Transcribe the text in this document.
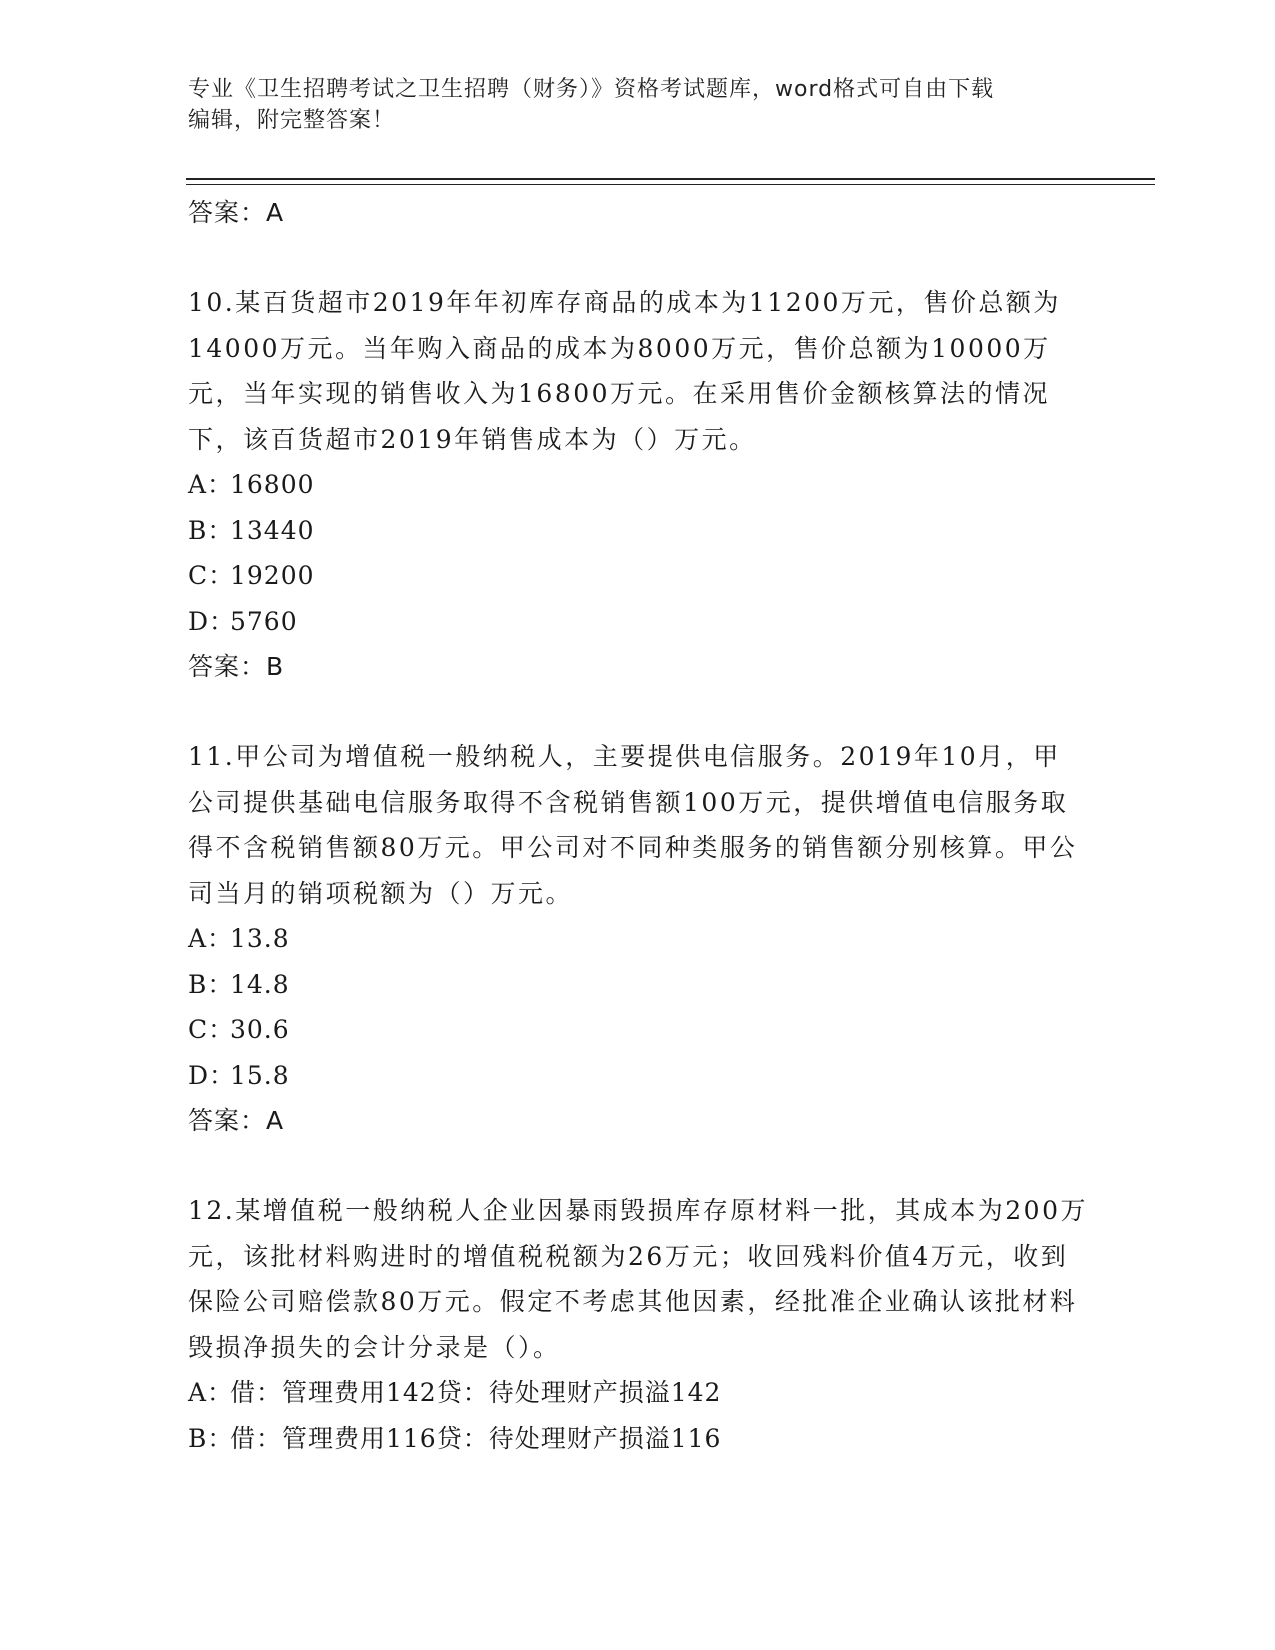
专业《卫生招聘考试之卫生招聘（财务）》资格考试题库，word格式可自由下载
编辑，附完整答案！
答案：A

10.某百货超市2019年年初库存商品的成本为11200万元，售价总额为14000万元。当年购入商品的成本为8000万元，售价总额为10000万元，当年实现的销售收入为16800万元。在采用售价金额核算法的情况下，该百货超市2019年销售成本为（）万元。

A：16800
B：13440
C：19200
D：5760
答案：B

11.甲公司为增值税一般纳税人，主要提供电信服务。2019年10月，甲公司提供基础电信服务取得不含税销售额100万元，提供增值电信服务取得不含税销售额80万元。甲公司对不同种类服务的销售额分别核算。甲公司当月的销项税额为（）万元。

A：13.8
B：14.8
C：30.6
D：15.8
答案：A

12.某增值税一般纳税人企业因暴雨毁损库存原材料一批，其成本为200万元，该批材料购进时的增值税税额为26万元；收回残料价值4万元，收到保险公司赔偿款80万元。假定不考虑其他因素，经批准企业确认该批材料毁损净损失的会计分录是（）。

A：借：管理费用142贷：待处理财产损溢142
B：借：管理费用116贷：待处理财产损溢116
